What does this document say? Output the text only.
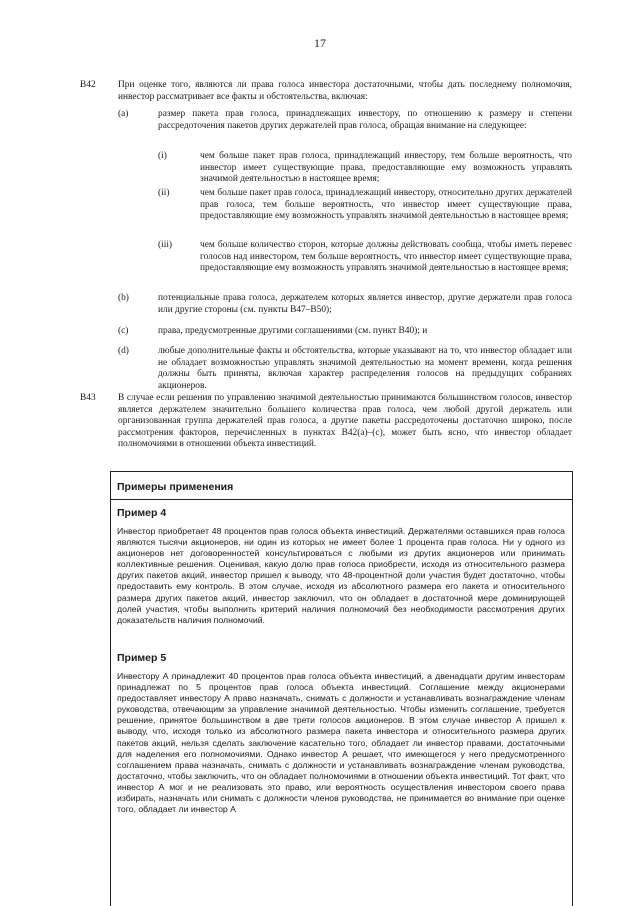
17
B42 При оценке того, являются ли права голоса инвестора достаточными, чтобы дать последнему полномочия, инвестор рассматривает все факты и обстоятельства, включая:
(a)	размер пакета прав голоса, принадлежащих инвестору, по отношению к размеру и степени рассредоточения пакетов других держателей прав голоса, обращая внимание на следующее:
(i)	чем больше пакет прав голоса, принадлежащий инвестору, тем больше вероятность, что инвестор имеет существующие права, предоставляющие ему возможность управлять значимой деятельностью в настоящее время;
(ii)	чем больше пакет прав голоса, принадлежащий инвестору, относительно других держателей прав голоса, тем больше вероятность, что инвестор имеет существующие права, предоставляющие ему возможность управлять значимой деятельностью в настоящее время;
(iii)	чем больше количество сторон, которые должны действовать сообща, чтобы иметь перевес голосов над инвестором, тем больше вероятность, что инвестор имеет существующие права, предоставляющие ему возможность управлять значимой деятельностью в настоящее время;
(b)	потенциальные права голоса, держателем которых является инвестор, другие держатели прав голоса или другие стороны (см. пункты B47–B50);
(c)	права, предусмотренные другими соглашениями (см. пункт B40); и
(d)	любые дополнительные факты и обстоятельства, которые указывают на то, что инвестор обладает или не обладает возможностью управлять значимой деятельностью на момент времени, когда решения должны быть приняты, включая характер распределения голосов на предыдущих собраниях акционеров.
B43 В случае если решения по управлению значимой деятельностью принимаются большинством голосов, инвестор является держателем значительно большего количества прав голоса, чем любой другой держатель или организованная группа держателей прав голоса, а другие пакеты рассредоточены достаточно широко, после рассмотрения факторов, перечисленных в пунктах B42(a)–(c), может быть ясно, что инвестор обладает полномочиями в отношении объекта инвестиций.
Примеры применения
Пример 4
Инвестор приобретает 48 процентов прав голоса объекта инвестиций. Держателями оставшихся прав голоса являются тысячи акционеров, ни один из которых не имеет более 1 процента прав голоса. Ни у одного из акционеров нет договоренностей консультироваться с любыми из других акционеров или принимать коллективные решения. Оценивая, какую долю прав голоса приобрести, исходя из относительного размера других пакетов акций, инвестор пришел к выводу, что 48-процентной доли участия будет достаточно, чтобы предоставить ему контроль. В этом случае, исходя из абсолютного размера его пакета и относительного размера других пакетов акций, инвестор заключил, что он обладает в достаточной мере доминирующей долей участия, чтобы выполнить критерий наличия полномочий без необходимости рассмотрения других доказательств наличия полномочий.
Пример 5
Инвестору А принадлежит 40 процентов прав голоса объекта инвестиций, а двенадцати другим инвесторам принадлежат по 5 процентов прав голоса объекта инвестиций. Соглашение между акционерами предоставляет инвестору А право назначать, снимать с должности и устанавливать вознаграждение членам руководства, отвечающим за управление значимой деятельностью. Чтобы изменить соглашение, требуется решение, принятое большинством в две трети голосов акционеров. В этом случае инвестор А пришел к выводу, что, исходя только из абсолютного размера пакета инвестора и относительного размера других пакетов акций, нельзя сделать заключение касательно того, обладает ли инвестор правами, достаточными для наделения его полномочиями. Однако инвестор А решает, что имеющегося у него предусмотренного соглашением права назначать, снимать с должности и устанавливать вознаграждение членам руководства, достаточно, чтобы заключить, что он обладает полномочиями в отношении объекта инвестиций. Тот факт, что инвестор А мог и не реализовать это право, или вероятность осуществления инвестором своего права избирать, назначать или снимать с должности членов руководства, не принимается во внимание при оценке того, обладает ли инвестор А
